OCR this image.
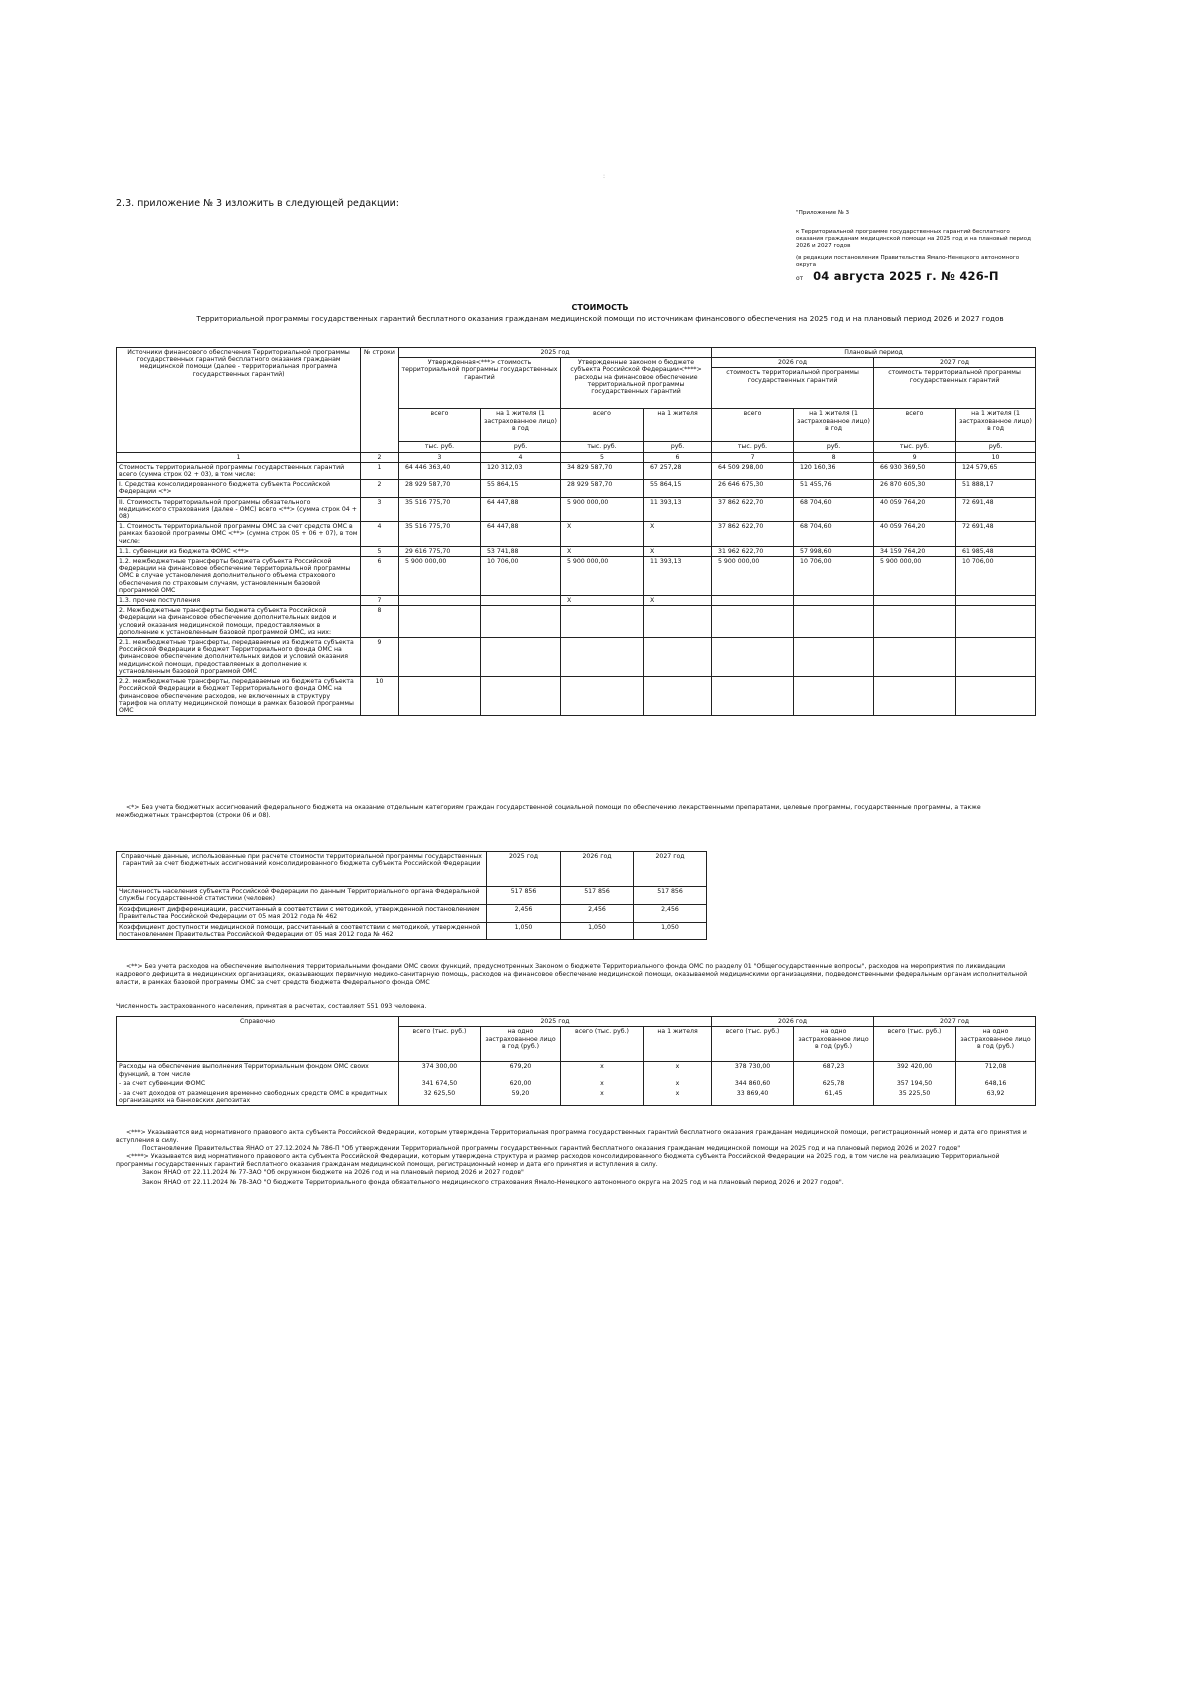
:
2.3. приложение № 3 изложить в следующей редакции:
"Приложение № 3
к Территориальной программе государственных гарантий бесплатного оказания гражданам медицинской помощи на 2025 год и на плановый период 2026 и 2027 годов
(в редакции постановления Правительства Ямало-Ненецкого автономного округа
от 04 августа 2025 г. № 426-П
СТОИМОСТЬ
Территориальной программы государственных гарантий бесплатного оказания гражданам медицинской помощи по источникам финансового обеспечения на 2025 год и на плановый период 2026 и 2027 годов
Источники финансового обеспечения Территориальной программы государственных гарантий бесплатного оказания гражданам медицинской помощи (далее - территориальная программа государственных гарантий)	№ строки	2025 год				Плановый период			
		Утвержденная<***> стоимость территориальной программы государственных гарантий		Утвержденные законом о бюджете субъекта Российской Федерации<****> расходы на финансовое обеспечение территориальной программы государственных гарантий		2026 год		2027 год	
						стоимость территориальной программы государственных гарантий		стоимость территориальной программы государственных гарантий	
		всего	на 1 жителя (1 застрахованное лицо) в год	всего	на 1 жителя	всего	на 1 жителя (1 застрахованное лицо) в год	всего	на 1 жителя (1 застрахованное лицо) в год
		тыс. руб.	руб.	тыс. руб.	руб.	тыс. руб.	руб.	тыс. руб.	руб.
1	2	3	4	5	6	7	8	9	10
Стоимость территориальной программы государственных гарантий всего (сумма строк 02 + 03), в том числе:	1	64 446 363,40	120 312,03	34 829 587,70	67 257,28	64 509 298,00	120 160,36	66 930 369,50	124 579,65
I. Средства консолидированного бюджета субъекта Российской Федерации <*>	2	28 929 587,70	55 864,15	28 929 587,70	55 864,15	26 646 675,30	51 455,76	26 870 605,30	51 888,17
II. Стоимость территориальной программы обязательного медицинского страхования (далее - ОМС) всего <**> (сумма строк 04 + 08)	3	35 516 775,70	64 447,88	5 900 000,00	11 393,13	37 862 622,70	68 704,60	40 059 764,20	72 691,48
1. Стоимость территориальной программы ОМС за счет средств ОМС в рамках базовой программы ОМС <**> (сумма строк 05 + 06 + 07), в том числе:	4	35 516 775,70	64 447,88	X	X	37 862 622,70	68 704,60	40 059 764,20	72 691,48
1.1. субвенции из бюджета ФОМС <**>	5	29 616 775,70	53 741,88	X	X	31 962 622,70	57 998,60	34 159 764,20	61 985,48
1.2. межбюджетные трансферты бюджета субъекта Российской Федерации на финансовое обеспечение территориальной программы ОМС в случае установления дополнительного объема страхового обеспечения по страховым случаям, установленным базовой программой ОМС	6	5 900 000,00	10 706,00	5 900 000,00	11 393,13	5 900 000,00	10 706,00	5 900 000,00	10 706,00
1.3. прочие поступления	7			X	X				
2. Межбюджетные трансферты бюджета субъекта Российской Федерации на финансовое обеспечение дополнительных видов и условий оказания медицинской помощи, предоставляемых в дополнение к установленным базовой программой ОМС, из них:	8								
2.1. межбюджетные трансферты, передаваемые из бюджета субъекта Российской Федерации в бюджет Территориального фонда ОМС на финансовое обеспечение дополнительных видов и условий оказания медицинской помощи, предоставляемых в дополнение к установленным базовой программой ОМС	9								
2.2. межбюджетные трансферты, передаваемые из бюджета субъекта Российской Федерации в бюджет Территориального фонда ОМС на финансовое обеспечение расходов, не включенных в структуру тарифов на оплату медицинской помощи в рамках базовой программы ОМС	10								
<*> Без учета бюджетных ассигнований федерального бюджета на оказание отдельным категориям граждан государственной социальной помощи по обеспечению лекарственными препаратами, целевые программы, государственные программы, а также межбюджетных трансфертов (строки 06 и 08).
Справочные данные, использованные при расчете стоимости территориальной программы государственных гарантий за счет бюджетных ассигнований консолидированного бюджета субъекта Российской Федерации	2025 год	2026 год	2027 год
Численность населения субъекта Российской Федерации по данным Территориального органа Федеральной службы государственной статистики (человек)	517 856	517 856	517 856
Коэффициент дифференциации, рассчитанный в соответствии с методикой, утвержденной постановлением Правительства Российской Федерации от 05 мая 2012 года № 462	2,456	2,456	2,456
Коэффициент доступности медицинской помощи, рассчитанный в соответствии с методикой, утвержденной постановлением Правительства Российской Федерации от 05 мая 2012 года № 462	1,050	1,050	1,050
<**> Без учета расходов на обеспечение выполнения территориальными фондами ОМС своих функций, предусмотренных Законом о бюджете Территориального фонда ОМС по разделу 01 "Общегосударственные вопросы", расходов на мероприятия по ликвидации кадрового дефицита в медицинских организациях, оказывающих первичную медико-санитарную помощь, расходов на финансовое обеспечение медицинской помощи, оказываемой медицинскими организациями, подведомственными федеральным органам исполнительной власти, в рамках базовой программы ОМС за счет средств бюджета Федерального фонда ОМС
Численность застрахованного населения, принятая в расчетах, составляет 551 093 человека.
Справочно	2025 год				2026 год		2027 год	
	всего (тыс. руб.)	на одно застрахованное лицо в год (руб.)	всего (тыс. руб.)	на 1 жителя	всего (тыс. руб.)	на одно застрахованное лицо в год (руб.)	всего (тыс. руб.)	на одно застрахованное лицо в год (руб.)
Расходы на обеспечение выполнения Территориальным фондом ОМС своих функций, в том числе	374 300,00	679,20	x	x	378 730,00	687,23	392 420,00	712,08
- за счет субвенции ФОМС	341 674,50	620,00	x	x	344 860,60	625,78	357 194,50	648,16
- за счет доходов от размещения временно свободных средств ОМС в кредитных организациях на банковских депозитах	32 625,50	59,20	x	x	33 869,40	61,45	35 225,50	63,92
<***> Указывается вид нормативного правового акта субъекта Российской Федерации, которым утверждена Территориальная программа государственных гарантий бесплатного оказания гражданам медицинской помощи, регистрационный номер и дата его принятия и вступления в силу.
Постановление Правительства ЯНАО от 27.12.2024 № 786-П "Об утверждении Территориальной программы государственных гарантий бесплатного оказания гражданам медицинской помощи на 2025 год и на плановый период 2026 и 2027 годов"
<****> Указывается вид нормативного правового акта субъекта Российской Федерации, которым утверждена структура и размер расходов консолидированного бюджета субъекта Российской Федерации на 2025 год, в том числе на реализацию Территориальной программы государственных гарантий бесплатного оказания гражданам медицинской помощи, регистрационный номер и дата его принятия и вступления в силу.
Закон ЯНАО от 22.11.2024 № 77-ЗАО "Об окружном бюджете на 2026 год и на плановый период 2026 и 2027 годов"
Закон ЯНАО от 22.11.2024 № 78-ЗАО "О бюджете Территориального фонда обязательного медицинского страхования Ямало-Ненецкого автономного округа на 2025 год и на плановый период 2026 и 2027 годов".
